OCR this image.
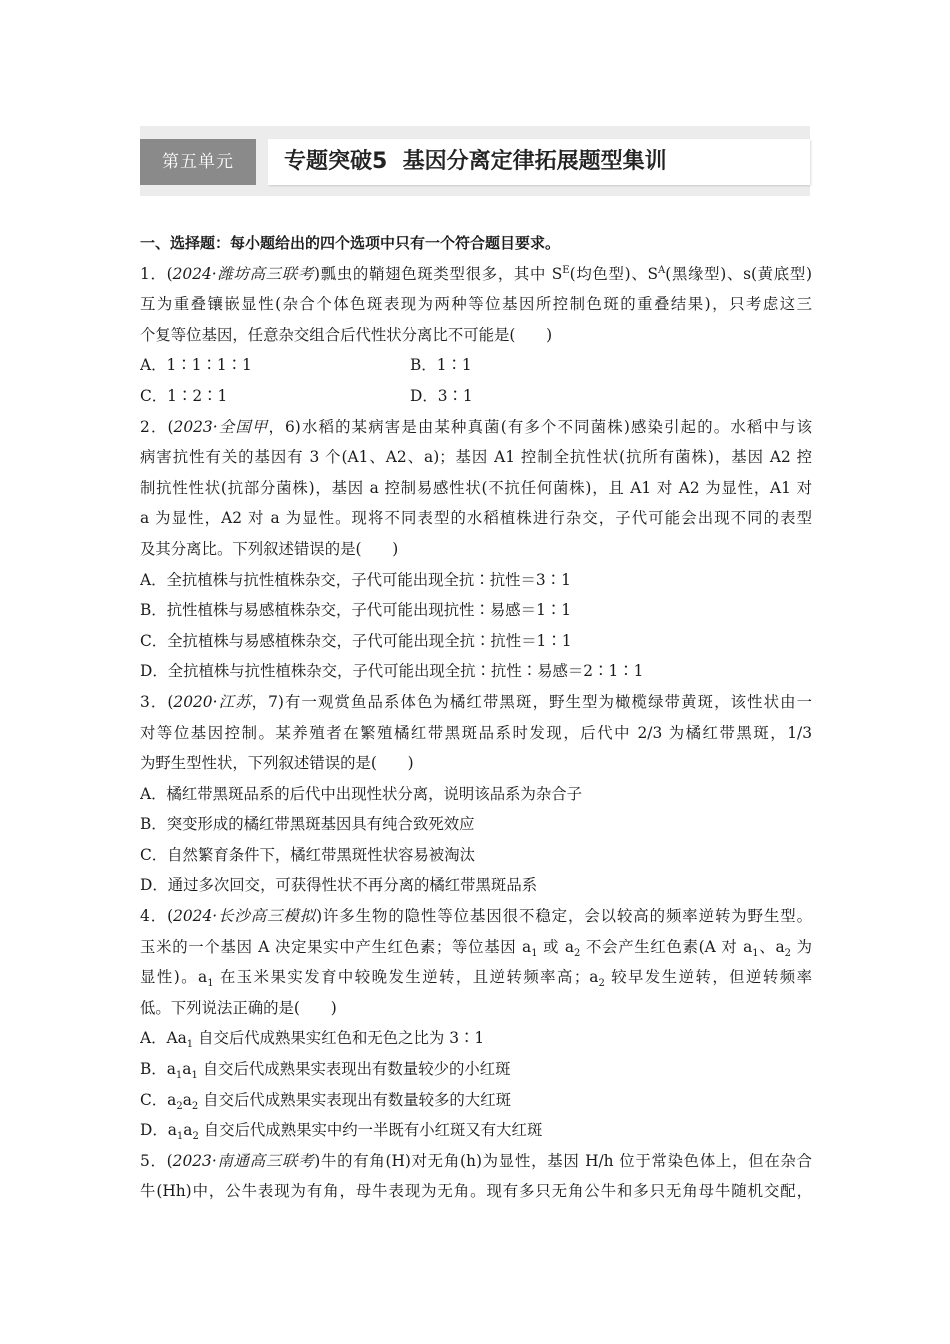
第五单元	专题突破5  基因分离定律拓展题型集训
一、选择题：每小题给出的四个选项中只有一个符合题目要求。
1．(2024·潍坊高三联考)瓢虫的鞘翅色斑类型很多，其中 $S^E$(均色型)、$S^A$(黑缘型)、s(黄底型)
互为重叠镶嵌显性(杂合个体色斑表现为两种等位基因所控制色斑的重叠结果)，只考虑这三
个复等位基因，任意杂交组合后代性状分离比不可能是(　　)
A．1∶1∶1∶1	B．1∶1
C．1∶2∶1	D．3∶1
2．(2023·全国甲，6)水稻的某病害是由某种真菌(有多个不同菌株)感染引起的。水稻中与该
病害抗性有关的基因有 3 个(A1、A2、a)；基因 A1 控制全抗性状(抗所有菌株)，基因 A2 控
制抗性性状(抗部分菌株)，基因 a 控制易感性状(不抗任何菌株)，且 A1 对 A2 为显性，A1 对
a 为显性，A2 对 a 为显性。现将不同表型的水稻植株进行杂交，子代可能会出现不同的表型
及其分离比。下列叙述错误的是(　　)
A．全抗植株与抗性植株杂交，子代可能出现全抗∶抗性＝3∶1
B．抗性植株与易感植株杂交，子代可能出现抗性∶易感＝1∶1
C．全抗植株与易感植株杂交，子代可能出现全抗∶抗性＝1∶1
D．全抗植株与抗性植株杂交，子代可能出现全抗∶抗性∶易感＝2∶1∶1
3．(2020·江苏，7)有一观赏鱼品系体色为橘红带黑斑，野生型为橄榄绿带黄斑，该性状由一
对等位基因控制。某养殖者在繁殖橘红带黑斑品系时发现，后代中 2/3 为橘红带黑斑，1/3
为野生型性状，下列叙述错误的是(　　)
A．橘红带黑斑品系的后代中出现性状分离，说明该品系为杂合子
B．突变形成的橘红带黑斑基因具有纯合致死效应
C．自然繁育条件下，橘红带黑斑性状容易被淘汰
D．通过多次回交，可获得性状不再分离的橘红带黑斑品系
4．(2024·长沙高三模拟)许多生物的隐性等位基因很不稳定，会以较高的频率逆转为野生型。
玉米的一个基因 A 决定果实中产生红色素；等位基因 $a_1$ 或 $a_2$ 不会产生红色素(A 对 $a_1$、$a_2$ 为
显性)。$a_1$ 在玉米果实发育中较晚发生逆转，且逆转频率高；$a_2$ 较早发生逆转，但逆转频率
低。下列说法正确的是(　　)
A．$Aa_1$ 自交后代成熟果实红色和无色之比为 3∶1
B．$a_1a_1$ 自交后代成熟果实表现出有数量较少的小红斑
C．$a_2a_2$ 自交后代成熟果实表现出有数量较多的大红斑
D．$a_1a_2$ 自交后代成熟果实中约一半既有小红斑又有大红斑
5．(2023·南通高三联考)牛的有角(H)对无角(h)为显性，基因 H/h 位于常染色体上，但在杂合
牛(Hh)中，公牛表现为有角，母牛表现为无角。现有多只无角公牛和多只无角母牛随机交配，
